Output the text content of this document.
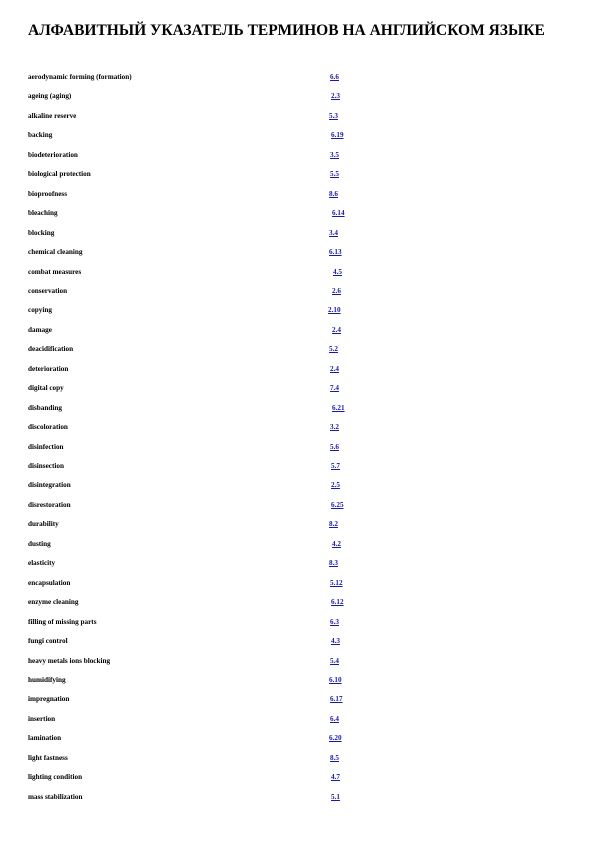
АЛФАВИТНЫЙ УКАЗАТЕЛЬ ТЕРМИНОВ НА АНГЛИЙСКОМ ЯЗЫКЕ
aerodynamic forming (formation)	6.6
ageing (aging)	2.3
alkaline reserve	5.3
backing	6.19
biodeterioration	3.5
biological protection	5.5
bioproofness	8.6
bleaching	6.14
blocking	3.4
chemical cleaning	6.13
combat measures	4.5
conservation	2.6
copying	2.10
damage	2.4
deacidification	5.2
deterioration	2.4
digital copy	7.4
disbanding	6.21
discoloration	3.2
disinfection	5.6
disinsection	5.7
disintegration	2.5
disrestoration	6.25
durability	8.2
dusting	4.2
elasticity	8.3
encapsulation	5.12
enzyme cleaning	6.12
filling of missing parts	6.3
fungi control	4.3
heavy metals ions blocking	5.4
humidifying	6.10
impregnation	6.17
insertion	6.4
lamination	6.20
light fastness	8.5
lighting condition	4.7
mass stabilization	5.1
